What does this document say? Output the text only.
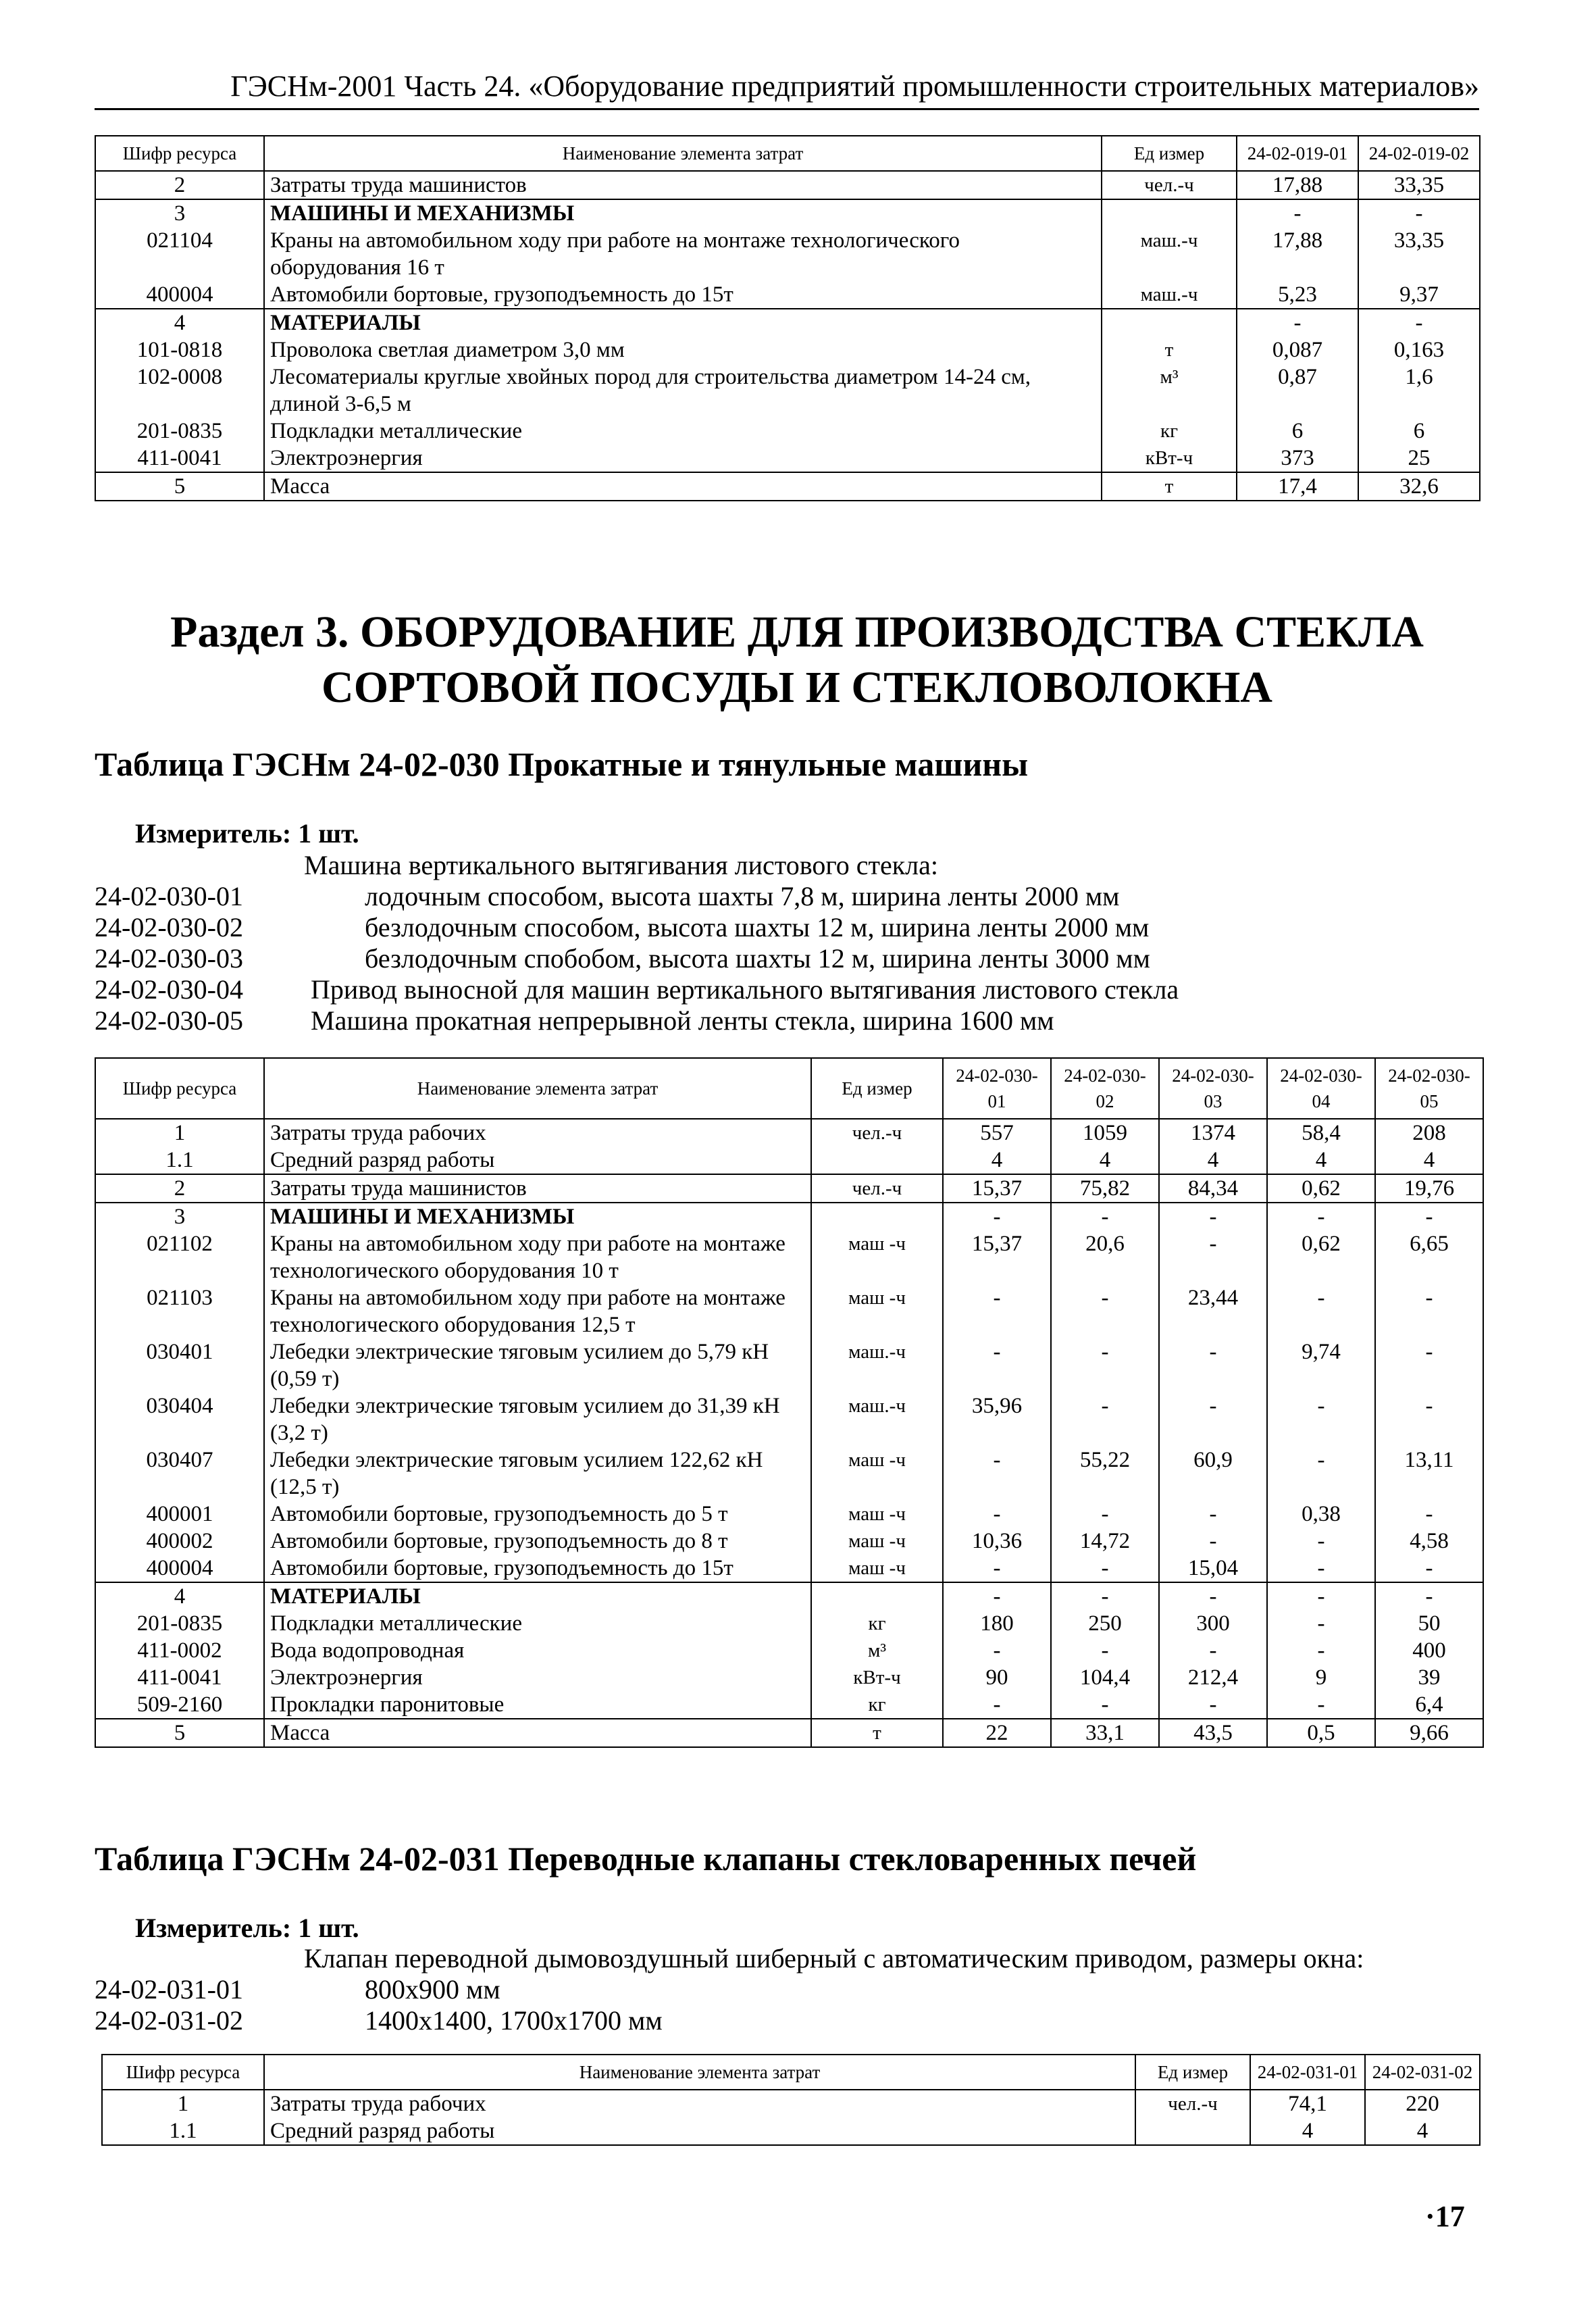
ГЭСНм-2001 Часть 24. «Оборудование предприятий промышленности строительных материалов»
Шифр ресурса	Наименование элемента затрат	Ед измер	24-02-019-01	24-02-019-02
2	Затраты труда машинистов	чел.-ч	17,88	33,35
3	МАШИНЫ И МЕХАНИЗМЫ		-	-
021104	Краны на автомобильном ходу при работе на монтаже технологического оборудования 16 т	маш.-ч	17,88	33,35
400004	Автомобили бортовые, грузоподъемность до 15т	маш.-ч	5,23	9,37
4	МАТЕРИАЛЫ		-	-
101-0818	Проволока светлая диаметром 3,0 мм	т	0,087	0,163
102-0008	Лесоматериалы круглые хвойных пород для строительства диаметром 14-24 см, длиной 3-6,5 м	м³	0,87	1,6
201-0835	Подкладки металлические	кг	6	6
411-0041	Электроэнергия	кВт-ч	373	25
5	Масса	т	17,4	32,6
Раздел 3. ОБОРУДОВАНИЕ ДЛЯ ПРОИЗВОДСТВА СТЕКЛА СОРТОВОЙ ПОСУДЫ И СТЕКЛОВОЛОКНА
Таблица ГЭСНм 24-02-030 Прокатные и тянульные машины
Измеритель: 1 шт.
Машина вертикального вытягивания листового стекла:
24-02-030-01	лодочным способом, высота шахты 7,8 м, ширина ленты 2000 мм
24-02-030-02	безлодочным способом, высота шахты 12 м, ширина ленты 2000 мм
24-02-030-03	безлодочным спобобом, высота шахты 12 м, ширина ленты 3000 мм
24-02-030-04	Привод выносной для машин вертикального вытягивания листового стекла
24-02-030-05	Машина прокатная непрерывной ленты стекла, ширина 1600 мм
Шифр ресурса	Наименование элемента затрат	Ед измер	24-02-030-01	24-02-030-02	24-02-030-03	24-02-030-04	24-02-030-05
1	Затраты труда рабочих	чел.-ч	557	1059	1374	58,4	208
1.1	Средний разряд работы		4	4	4	4	4
2	Затраты труда машинистов	чел.-ч	15,37	75,82	84,34	0,62	19,76
3	МАШИНЫ И МЕХАНИЗМЫ		-	-	-	-	-
021102	Краны на автомобильном ходу при работе на монтаже технологического оборудования 10 т	маш -ч	15,37	20,6	-	0,62	6,65
021103	Краны на автомобильном ходу при работе на монтаже технологического оборудования 12,5 т	маш -ч	-	-	23,44	-	-
030401	Лебедки электрические тяговым усилием до 5,79 кН (0,59 т)	маш.-ч	-	-	-	9,74	-
030404	Лебедки электрические тяговым усилием до 31,39 кН (3,2 т)	маш.-ч	35,96	-	-	-	-
030407	Лебедки электрические тяговым усилием 122,62 кН (12,5 т)	маш -ч	-	55,22	60,9	-	13,11
400001	Автомобили бортовые, грузоподъемность до 5 т	маш -ч	-	-	-	0,38	-
400002	Автомобили бортовые, грузоподъемность до 8 т	маш -ч	10,36	14,72	-	-	4,58
400004	Автомобили бортовые, грузоподъемность до 15т	маш -ч	-	-	15,04	-	-
4	МАТЕРИАЛЫ		-	-	-	-	-
201-0835	Подкладки металлические	кг	180	250	300	-	50
411-0002	Вода водопроводная	м³	-	-	-	-	400
411-0041	Электроэнергия	кВт-ч	90	104,4	212,4	9	39
509-2160	Прокладки паронитовые	кг	-	-	-	-	6,4
5	Масса	т	22	33,1	43,5	0,5	9,66
Таблица ГЭСНм 24-02-031 Переводные клапаны стекловаренных печей
Измеритель: 1 шт.
Клапан переводной дымовоздушный шиберный с автоматическим приводом, размеры окна:
24-02-031-01	800х900 мм
24-02-031-02	1400х1400, 1700х1700 мм
Шифр ресурса	Наименование элемента затрат	Ед измер	24-02-031-01	24-02-031-02
1	Затраты труда рабочих	чел.-ч	74,1	220
1.1	Средний разряд работы		4	4
·17
